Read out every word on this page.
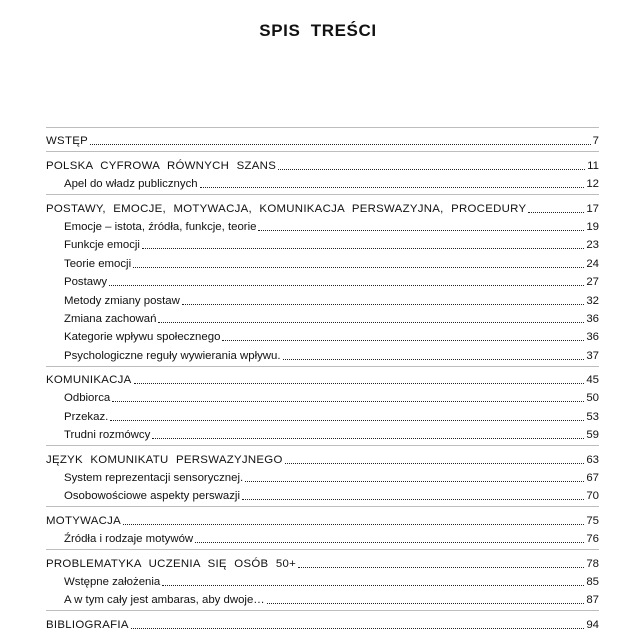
SPIS TREŚCI
WSTĘP	7
POLSKA CYFROWA RÓWNYCH SZANS	11
Apel do władz publicznych	12
POSTAWY, EMOCJE, MOTYWACJA, KOMUNIKACJA PERSWAZYJNA, PROCEDURY	17
Emocje – istota, źródła, funkcje, teorie	19
Funkcje emocji	23
Teorie emocji	24
Postawy	27
Metody zmiany postaw	32
Zmiana zachowań	36
Kategorie wpływu społecznego	36
Psychologiczne reguły wywierania wpływu.	37
KOMUNIKACJA	45
Odbiorca	50
Przekaz.	53
Trudni rozmówcy	59
JĘZYK KOMUNIKATU PERSWAZYJNEGO	63
System reprezentacji sensorycznej.	67
Osobowościowe aspekty perswazji	70
MOTYWACJA	75
Źródła i rodzaje motywów	76
PROBLEMATYKA UCZENIA SIĘ OSÓB 50+	78
Wstępne założenia	85
A w tym cały jest ambaras, aby dwoje…	87
BIBLIOGRAFIA	94
